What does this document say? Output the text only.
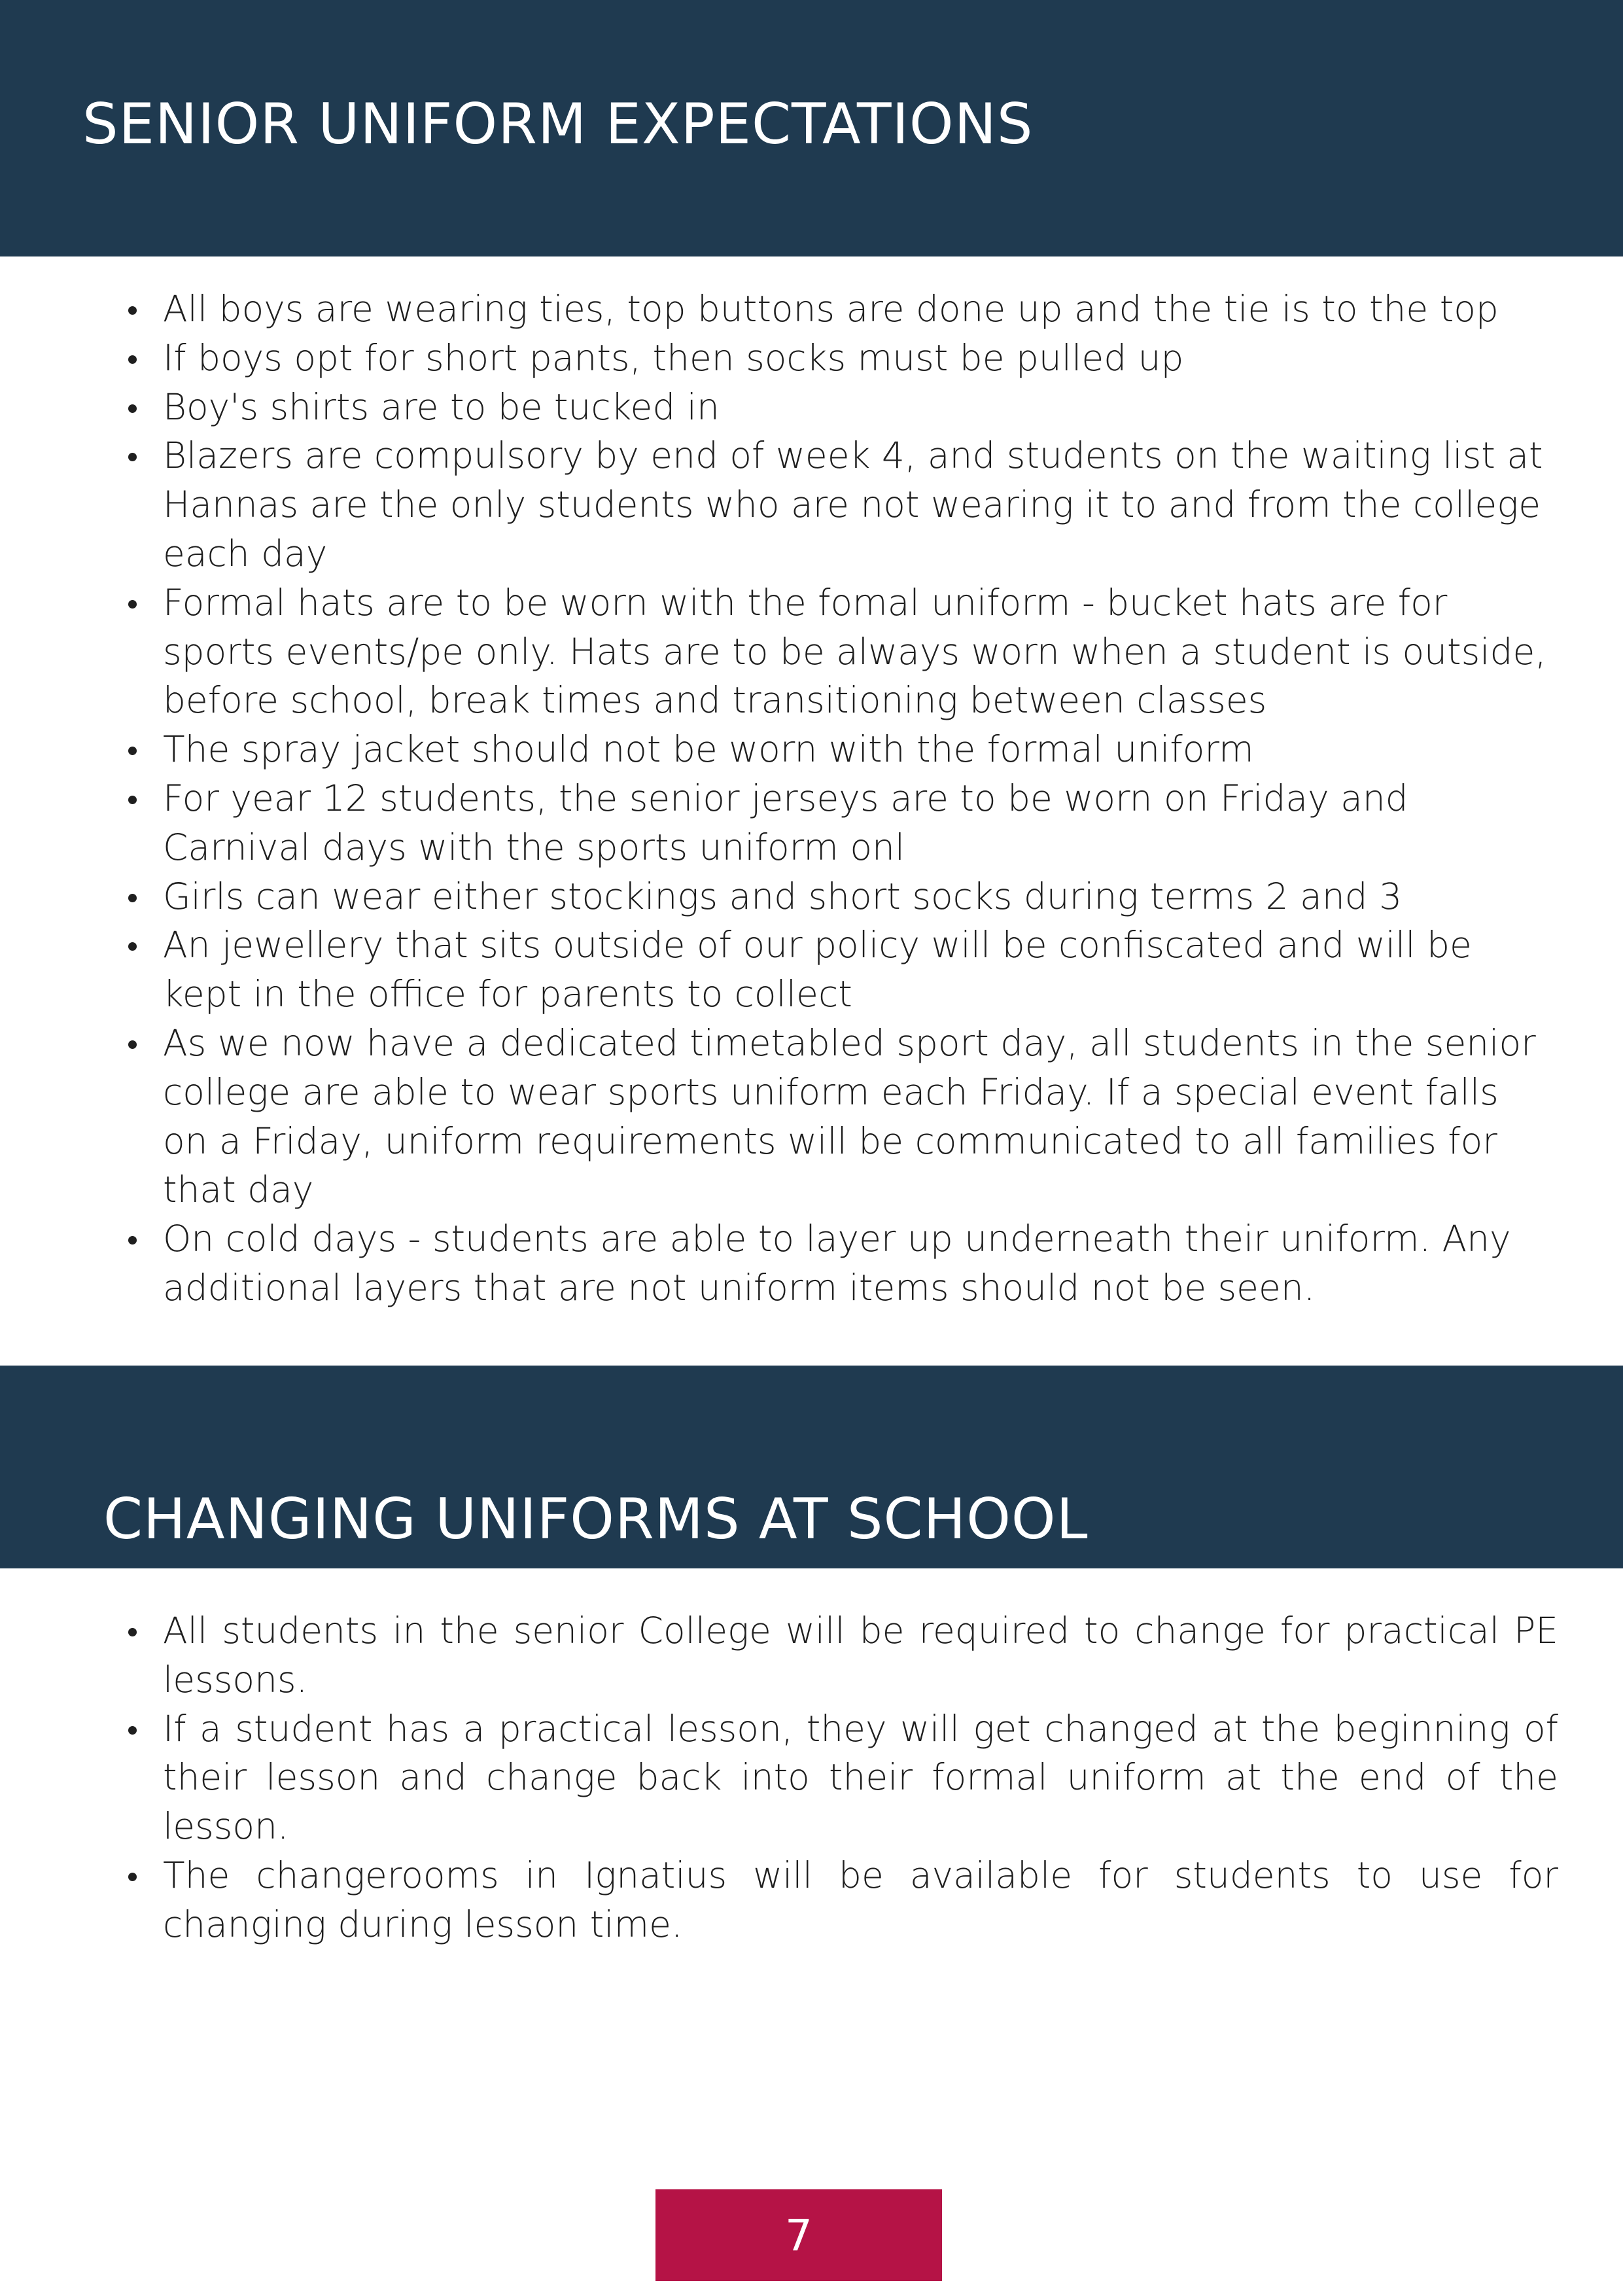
SENIOR UNIFORM EXPECTATIONS
All boys are wearing ties, top buttons are done up and the tie is to the top
If boys opt for short pants, then socks must be pulled up
Boy's shirts are to be tucked in
Blazers are compulsory by end of week 4, and students on the waiting list at Hannas are the only students who are not wearing it to and from the college each day
Formal hats are to be worn with the fomal uniform - bucket hats are for sports events/pe only. Hats are to be always worn when a student is outside, before school, break times and transitioning between classes
The spray jacket should not be worn with the formal uniform
For year 12 students, the senior jerseys are to be worn on Friday and Carnival days with the sports uniform onl
Girls can wear either stockings and short socks during terms 2 and 3
An jewellery that sits outside of our policy will be confiscated and will be kept in the office for parents to collect
As we now have a dedicated timetabled sport day, all students in the senior college are able to wear sports uniform each Friday. If a special event falls on a Friday, uniform requirements will be communicated to all families for that day
On cold days - students are able to layer up underneath their uniform. Any additional layers that are not uniform items should not be seen.
CHANGING UNIFORMS AT SCHOOL
All students in the senior College will be required to change for practical PE lessons.
If a student has a practical lesson, they will get changed at the beginning of their lesson and change back into their formal uniform at the end of the lesson.
The changerooms in Ignatius will be available for students to use for changing during lesson time.
7
